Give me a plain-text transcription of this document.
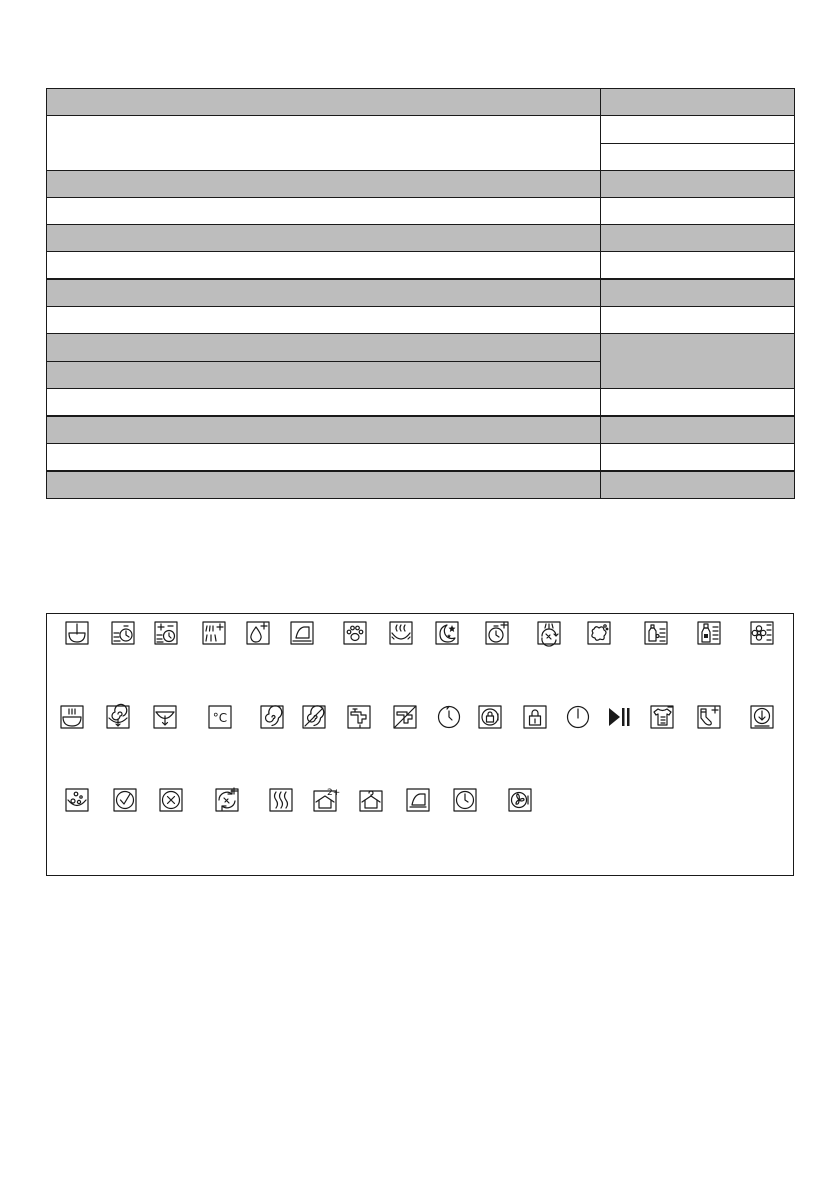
°C
2+
